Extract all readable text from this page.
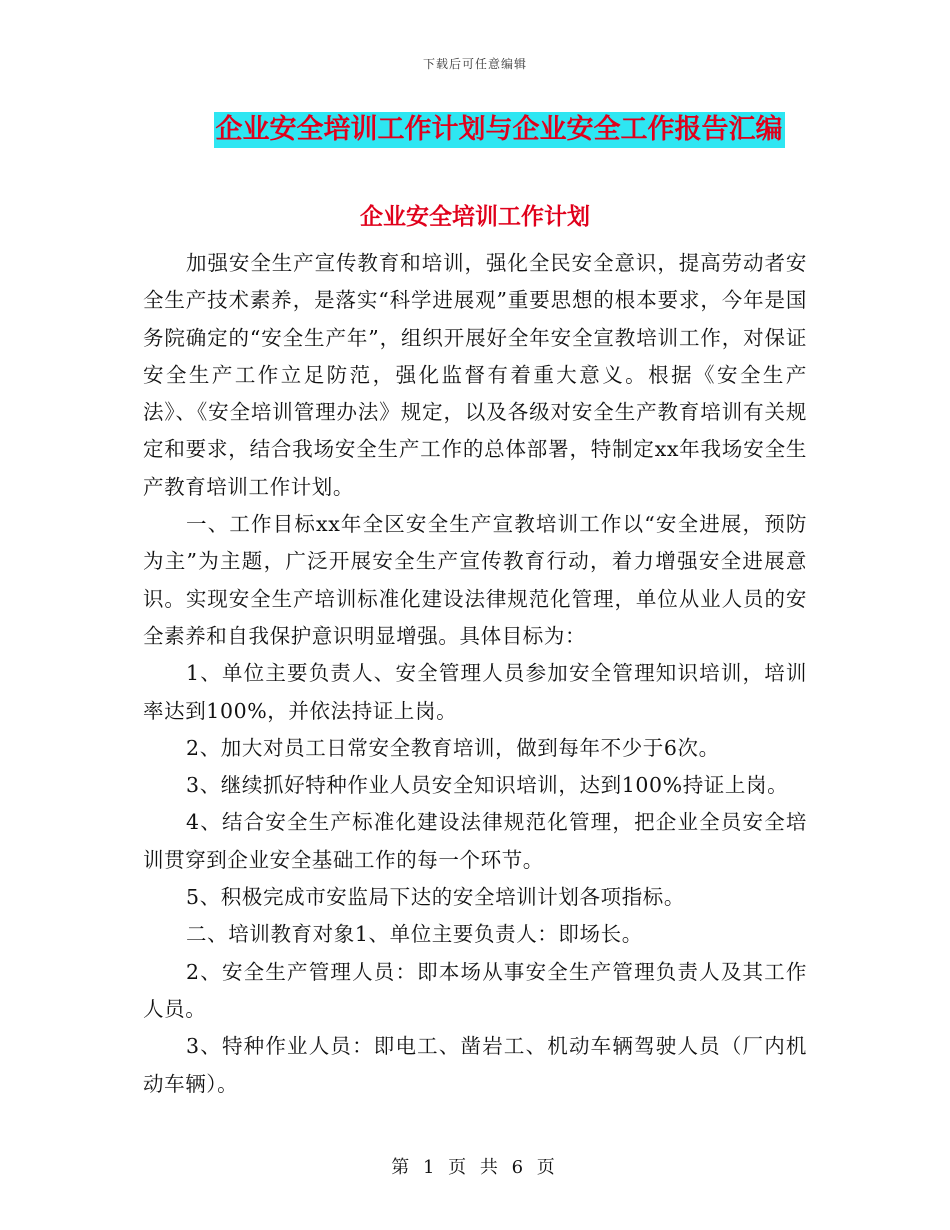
下载后可任意编辑
企业安全培训工作计划与企业安全工作报告汇编
企业安全培训工作计划

加强安全生产宣传教育和培训，强化全民安全意识，提高劳动者安全生产技术素养，是落实“科学进展观”重要思想的根本要求，今年是国务院确定的“安全生产年”，组织开展好全年安全宣教培训工作，对保证安全生产工作立足防范，强化监督有着重大意义。根据《安全生产法》、《安全培训管理办法》规定，以及各级对安全生产教育培训有关规定和要求，结合我场安全生产工作的总体部署，特制定xx年我场安全生产教育培训工作计划。

一、工作目标xx年全区安全生产宣教培训工作以“安全进展，预防为主”为主题，广泛开展安全生产宣传教育行动，着力增强安全进展意识。实现安全生产培训标准化建设法律规范化管理，单位从业人员的安全素养和自我保护意识明显增强。具体目标为：

1、单位主要负责人、安全管理人员参加安全管理知识培训，培训率达到100%，并依法持证上岗。

2、加大对员工日常安全教育培训，做到每年不少于6次。

3、继续抓好特种作业人员安全知识培训，达到100%持证上岗。

4、结合安全生产标准化建设法律规范化管理，把企业全员安全培训贯穿到企业安全基础工作的每一个环节。

5、积极完成市安监局下达的安全培训计划各项指标。

二、培训教育对象1、单位主要负责人：即场长。

2、安全生产管理人员：即本场从事安全生产管理负责人及其工作人员。

3、特种作业人员：即电工、凿岩工、机动车辆驾驶人员（厂内机动车辆）。

第 1 页 共 6 页
